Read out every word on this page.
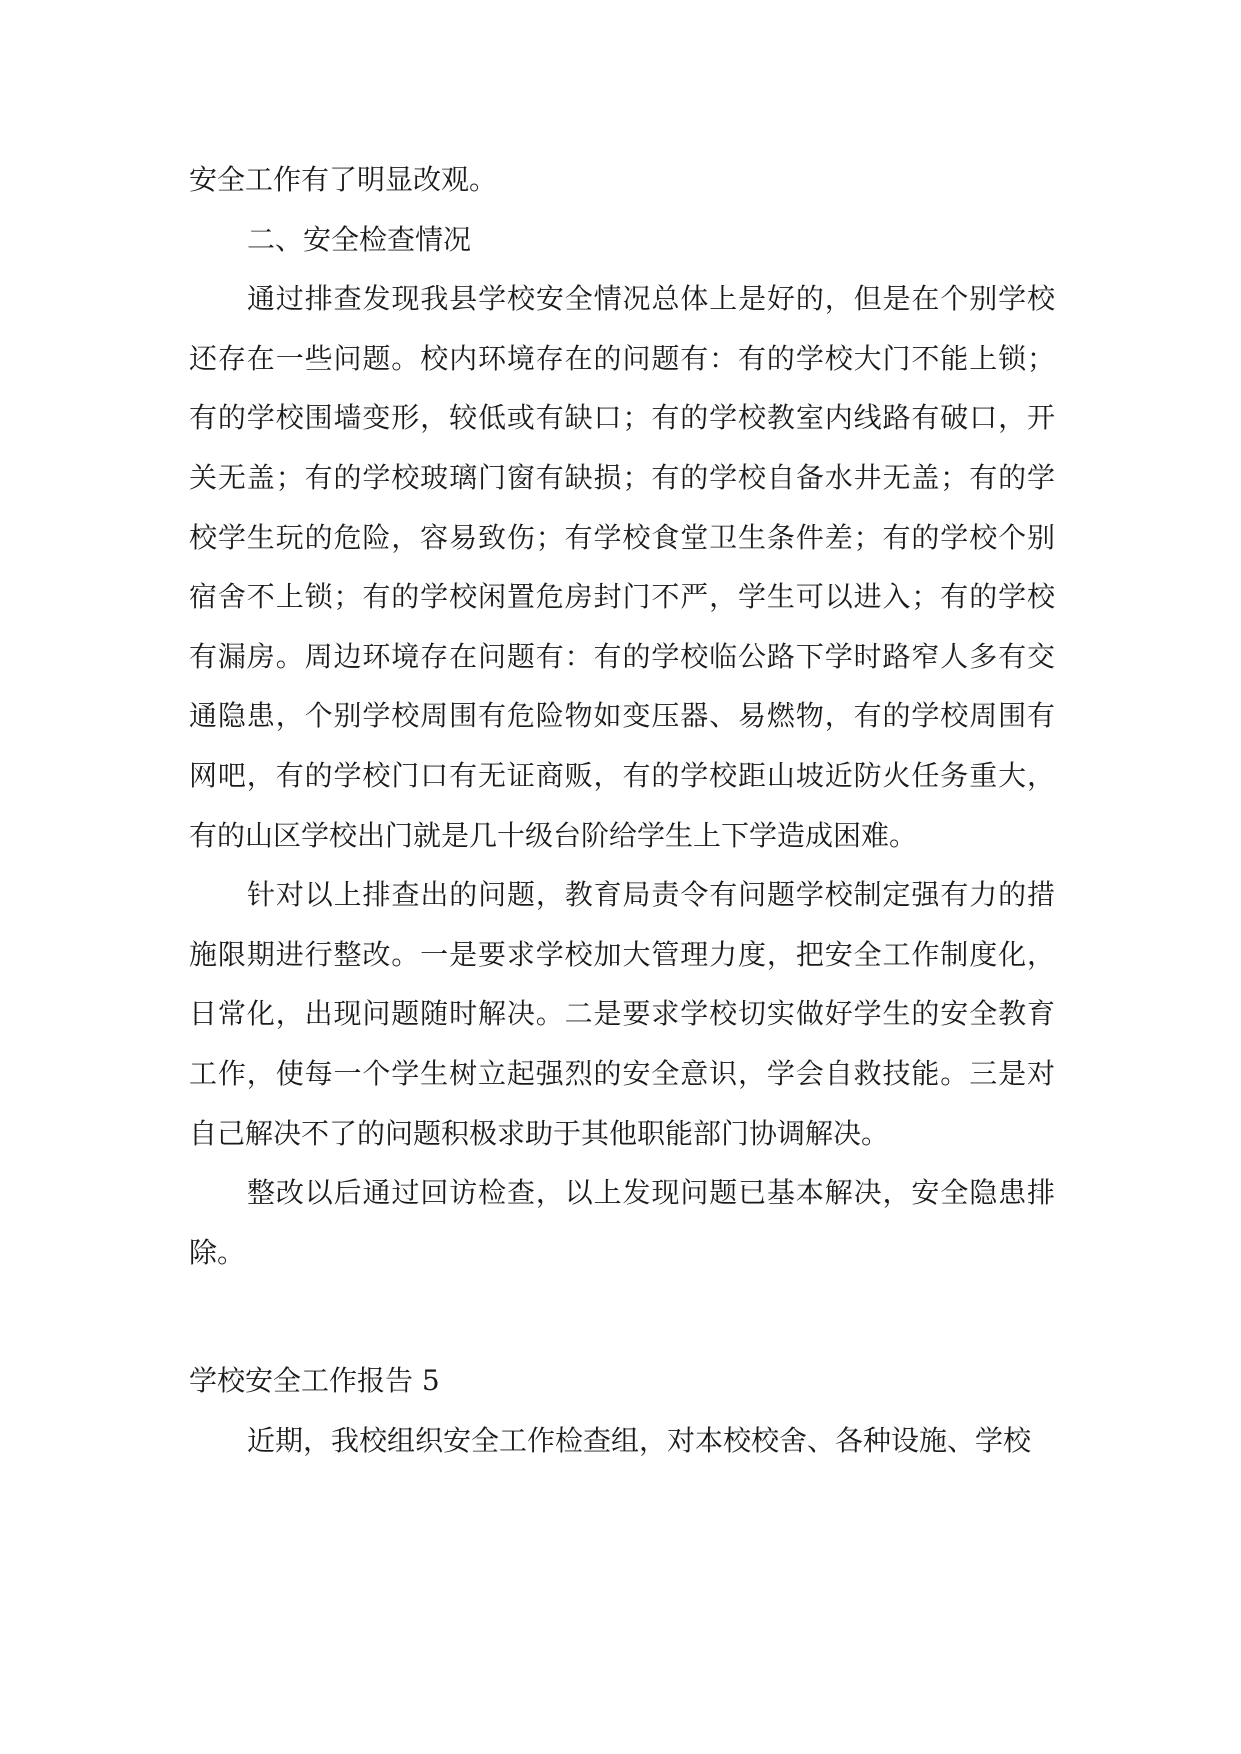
安全工作有了明显改观。

二、安全检查情况

通过排查发现我县学校安全情况总体上是好的，但是在个别学校还存在一些问题。校内环境存在的问题有：有的学校大门不能上锁；有的学校围墙变形，较低或有缺口；有的学校教室内线路有破口，开关无盖；有的学校玻璃门窗有缺损；有的学校自备水井无盖；有的学校学生玩的危险，容易致伤；有学校食堂卫生条件差；有的学校个别宿舍不上锁；有的学校闲置危房封门不严，学生可以进入；有的学校有漏房。周边环境存在问题有：有的学校临公路下学时路窄人多有交通隐患，个别学校周围有危险物如变压器、易燃物，有的学校周围有网吧，有的学校门口有无证商贩，有的学校距山坡近防火任务重大，有的山区学校出门就是几十级台阶给学生上下学造成困难。

针对以上排查出的问题，教育局责令有问题学校制定强有力的措施限期进行整改。一是要求学校加大管理力度，把安全工作制度化，日常化，出现问题随时解决。二是要求学校切实做好学生的安全教育工作，使每一个学生树立起强烈的安全意识，学会自救技能。三是对自己解决不了的问题积极求助于其他职能部门协调解决。

整改以后通过回访检查，以上发现问题已基本解决，安全隐患排除。

学校安全工作报告 5

近期，我校组织安全工作检查组，对本校校舍、各种设施、学校
